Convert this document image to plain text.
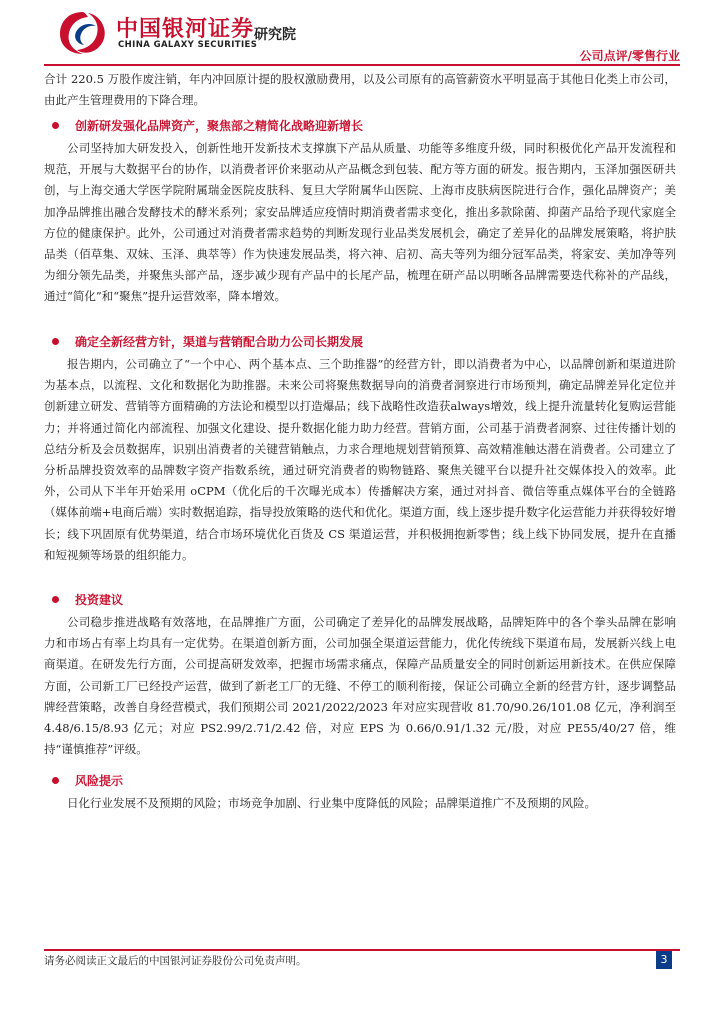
中国银河证券 研究院
CHINA GALAXY SECURITIES
公司点评/零售行业

合计 220.5 万股作废注销，年内冲回原计提的股权激励费用，以及公司原有的高管薪资水平明显高于其他日化类上市公司，由此产生管理费用的下降合理。

创新研发强化品牌资产，聚焦部之精简化战略迎新增长

公司坚持加大研发投入，创新性地开发新技术支撑旗下产品从质量、功能等多维度升级，同时积极优化产品开发流程和规范，开展与大数据平台的协作，以消费者评价来驱动从产品概念到包装、配方等方面的研发。报告期内，玉泽加强医研共创，与上海交通大学医学院附属瑞金医院皮肤科、复旦大学附属华山医院、上海市皮肤病医院进行合作，强化品牌资产；美加净品牌推出融合发酵技术的酵米系列；家安品牌适应疫情时期消费者需求变化，推出多款除菌、抑菌产品给予现代家庭全方位的健康保护。此外，公司通过对消费者需求趋势的判断发现行业品类发展机会，确定了差异化的品牌发展策略，将护肤品类（佰草集、双妹、玉泽、典萃等）作为快速发展品类，将六神、启初、高夫等列为细分冠军品类，将家安、美加净等列为细分领先品类，并聚焦头部产品，逐步减少现有产品中的长尾产品，梳理在研产品以明晰各品牌需要迭代称补的产品线，通过“简化”和“聚焦”提升运营效率，降本增效。

确定全新经营方针，渠道与营销配合助力公司长期发展

报告期内，公司确立了“一个中心、两个基本点、三个助推器”的经营方针，即以消费者为中心，以品牌创新和渠道进阶为基本点，以流程、文化和数据化为助推器。未来公司将聚焦数据导向的消费者洞察进行市场预判，确定品牌差异化定位并创新建立研发、营销等方面精确的方法论和模型以打造爆品；线下战略性改造获always增效，线上提升流量转化复购运营能力；并将通过简化内部流程、加强文化建设、提升数据化能力助力经营。营销方面，公司基于消费者洞察、过往传播计划的总结分析及会员数据库，识别出消费者的关键营销触点，力求合理地规划营销预算、高效精准触达潜在消费者。公司建立了分析品牌投资效率的品牌数字资产指数系统，通过研究消费者的购物链路、聚焦关键平台以提升社交媒体投入的效率。此外，公司从下半年开始采用 oCPM（优化后的千次曝光成本）传播解决方案，通过对抖音、微信等重点媒体平台的全链路（媒体前端+电商后端）实时数据追踪，指导投放策略的迭代和优化。渠道方面，线上逐步提升数字化运营能力并获得较好增长；线下巩固原有优势渠道，结合市场环境优化百货及 CS 渠道运营，并积极拥抱新零售；线上线下协同发展，提升在直播和短视频等场景的组织能力。

投资建议

公司稳步推进战略有效落地，在品牌推广方面，公司确定了差异化的品牌发展战略，品牌矩阵中的各个拳头品牌在影响力和市场占有率上均具有一定优势。在渠道创新方面，公司加强全渠道运营能力，优化传统线下渠道布局，发展新兴线上电商渠道。在研发先行方面，公司提高研发效率，把握市场需求痛点，保障产品质量安全的同时创新运用新技术。在供应保障方面，公司新工厂已经投产运营，做到了新老工厂的无缝、不停工的顺利衔接，保证公司确立全新的经营方针，逐步调整品牌经营策略，改善自身经营模式，我们预期公司 2021/2022/2023 年对应实现营收 81.70/90.26/101.08 亿元，净利润至 4.48/6.15/8.93 亿元；对应 PS2.99/2.71/2.42 倍，对应 EPS 为 0.66/0.91/1.32 元/股，对应 PE55/40/27 倍，维持“谨慎推荐”评级。

风险提示

日化行业发展不及预期的风险；市场竞争加剧、行业集中度降低的风险；品牌渠道推广不及预期的风险。

请务必阅读正文最后的中国银河证券股份公司免责声明。	3
